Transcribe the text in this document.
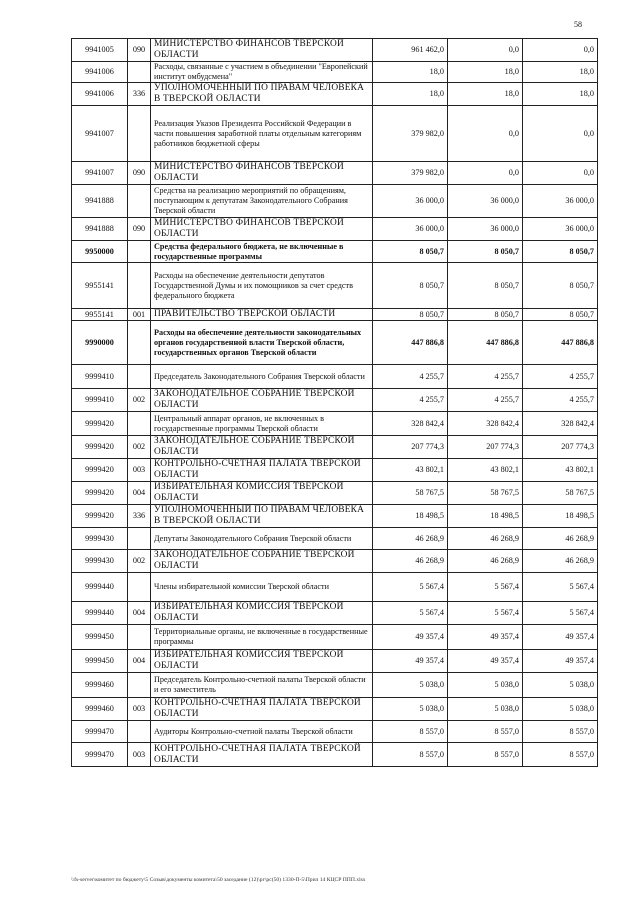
58
9941005	090	МИНИСТЕРСТВО ФИНАНСОВ ТВЕРСКОЙ ОБЛАСТИ	961 462,0	0,0	0,0
9941006		Расходы, связанные с участием в объединении "Европейский институт омбудсмена"	18,0	18,0	18,0
9941006	336	УПОЛНОМОЧЕННЫЙ ПО ПРАВАМ ЧЕЛОВЕКА В ТВЕРСКОЙ ОБЛАСТИ	18,0	18,0	18,0
9941007		Реализация Указов Президента Российской Федерации в части повышения заработной платы отдельным категориям работников бюджетной сферы	379 982,0	0,0	0,0
9941007	090	МИНИСТЕРСТВО ФИНАНСОВ ТВЕРСКОЙ ОБЛАСТИ	379 982,0	0,0	0,0
9941888		Средства на реализацию мероприятий по обращениям, поступающим к депутатам Законодательного Собрания Тверской области	36 000,0	36 000,0	36 000,0
9941888	090	МИНИСТЕРСТВО ФИНАНСОВ ТВЕРСКОЙ ОБЛАСТИ	36 000,0	36 000,0	36 000,0
9950000		Средства федерального бюджета, не включенные в государственные программы	8 050,7	8 050,7	8 050,7
9955141		Расходы на обеспечение деятельности депутатов Государственной Думы и их помощников за счет средств федерального бюджета	8 050,7	8 050,7	8 050,7
9955141	001	ПРАВИТЕЛЬСТВО ТВЕРСКОЙ ОБЛАСТИ	8 050,7	8 050,7	8 050,7
9990000		Расходы на обеспечение деятельности законодательных органов государственной власти Тверской области, государственных органов Тверской области	447 886,8	447 886,8	447 886,8
9999410		Председатель Законодательного Собрания Тверской области	4 255,7	4 255,7	4 255,7
9999410	002	ЗАКОНОДАТЕЛЬНОЕ СОБРАНИЕ ТВЕРСКОЙ ОБЛАСТИ	4 255,7	4 255,7	4 255,7
9999420		Центральный аппарат органов, не включенных в государственные программы Тверской области	328 842,4	328 842,4	328 842,4
9999420	002	ЗАКОНОДАТЕЛЬНОЕ СОБРАНИЕ ТВЕРСКОЙ ОБЛАСТИ	207 774,3	207 774,3	207 774,3
9999420	003	КОНТРОЛЬНО-СЧЕТНАЯ ПАЛАТА ТВЕРСКОЙ ОБЛАСТИ	43 802,1	43 802,1	43 802,1
9999420	004	ИЗБИРАТЕЛЬНАЯ КОМИССИЯ ТВЕРСКОЙ ОБЛАСТИ	58 767,5	58 767,5	58 767,5
9999420	336	УПОЛНОМОЧЕННЫЙ ПО ПРАВАМ ЧЕЛОВЕКА В ТВЕРСКОЙ ОБЛАСТИ	18 498,5	18 498,5	18 498,5
9999430		Депутаты Законодательного Собрания Тверской области	46 268,9	46 268,9	46 268,9
9999430	002	ЗАКОНОДАТЕЛЬНОЕ СОБРАНИЕ ТВЕРСКОЙ ОБЛАСТИ	46 268,9	46 268,9	46 268,9
9999440		Члены избирательной комиссии Тверской области	5 567,4	5 567,4	5 567,4
9999440	004	ИЗБИРАТЕЛЬНАЯ КОМИССИЯ ТВЕРСКОЙ ОБЛАСТИ	5 567,4	5 567,4	5 567,4
9999450		Территориальные органы, не включенные в государственные программы	49 357,4	49 357,4	49 357,4
9999450	004	ИЗБИРАТЕЛЬНАЯ КОМИССИЯ ТВЕРСКОЙ ОБЛАСТИ	49 357,4	49 357,4	49 357,4
9999460		Председатель Контрольно-счетной палаты Тверской области и его заместитель	5 038,0	5 038,0	5 038,0
9999460	003	КОНТРОЛЬНО-СЧЕТНАЯ ПАЛАТА ТВЕРСКОЙ ОБЛАСТИ	5 038,0	5 038,0	5 038,0
9999470		Аудиторы Контрольно-счетной палаты Тверской области	8 557,0	8 557,0	8 557,0
9999470	003	КОНТРОЛЬНО-СЧЕТНАЯ ПАЛАТА ТВЕРСКОЙ ОБЛАСТИ	8 557,0	8 557,0	8 557,0
\\fs-server\комитет по бюджету\5 Созыв\документы комитета\50 заседание (12)\рг\рс(50) 1330-П-5\Прил 14 КЦСР ППП.xlsx
